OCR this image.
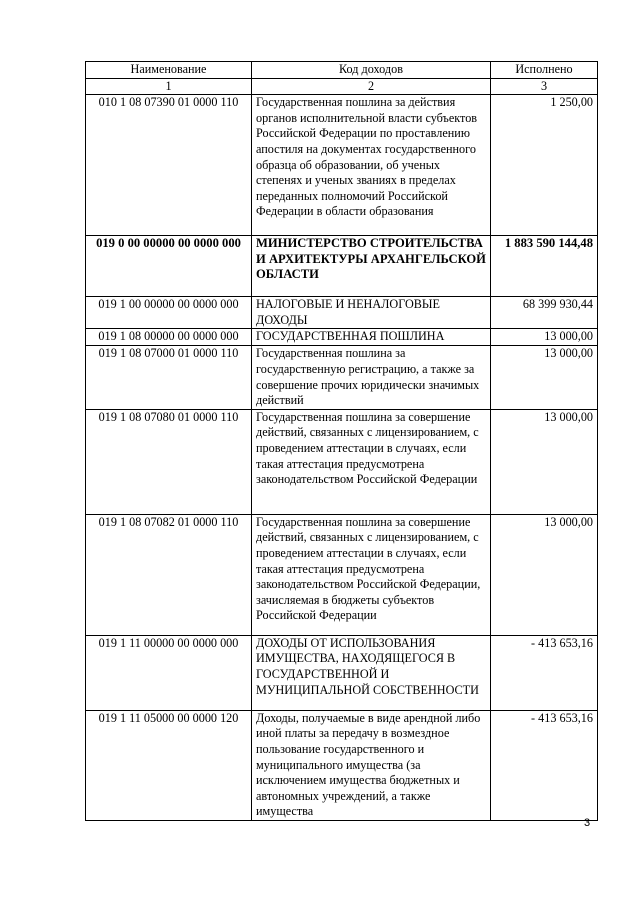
Наименование	Код доходов	Исполнено
1	2	3
010 1 08 07390 01 0000 110	Государственная пошлина за действия органов исполнительной власти субъектов Российской Федерации по проставлению апостиля на документах государственного образца об образовании, об ученых степенях и ученых званиях в пределах переданных полномочий Российской Федерации в области образования	1 250,00
019 0 00 00000 00 0000 000	МИНИСТЕРСТВО СТРОИТЕЛЬСТВА И АРХИТЕКТУРЫ АРХАНГЕЛЬСКОЙ ОБЛАСТИ	1 883 590 144,48
019 1 00 00000 00 0000 000	НАЛОГОВЫЕ И НЕНАЛОГОВЫЕ ДОХОДЫ	68 399 930,44
019 1 08 00000 00 0000 000	ГОСУДАРСТВЕННАЯ ПОШЛИНА	13 000,00
019 1 08 07000 01 0000 110	Государственная пошлина за государственную регистрацию, а также за совершение прочих юридически значимых действий	13 000,00
019 1 08 07080 01 0000 110	Государственная пошлина за совершение действий, связанных с лицензированием, с проведением аттестации в случаях, если такая аттестация предусмотрена законодательством Российской Федерации	13 000,00
019 1 08 07082 01 0000 110	Государственная пошлина за совершение действий, связанных с лицензированием, с проведением аттестации в случаях, если такая аттестация предусмотрена законодательством Российской Федерации, зачисляемая в бюджеты субъектов Российской Федерации	13 000,00
019 1 11 00000 00 0000 000	ДОХОДЫ ОТ ИСПОЛЬЗОВАНИЯ ИМУЩЕСТВА, НАХОДЯЩЕГОСЯ В ГОСУДАРСТВЕННОЙ И МУНИЦИПАЛЬНОЙ СОБСТВЕННОСТИ	- 413 653,16
019 1 11 05000 00 0000 120	Доходы, получаемые в виде арендной либо иной платы за передачу в возмездное пользование государственного и муниципального имущества (за исключением имущества бюджетных и автономных учреждений, а также имущества	- 413 653,16
3
